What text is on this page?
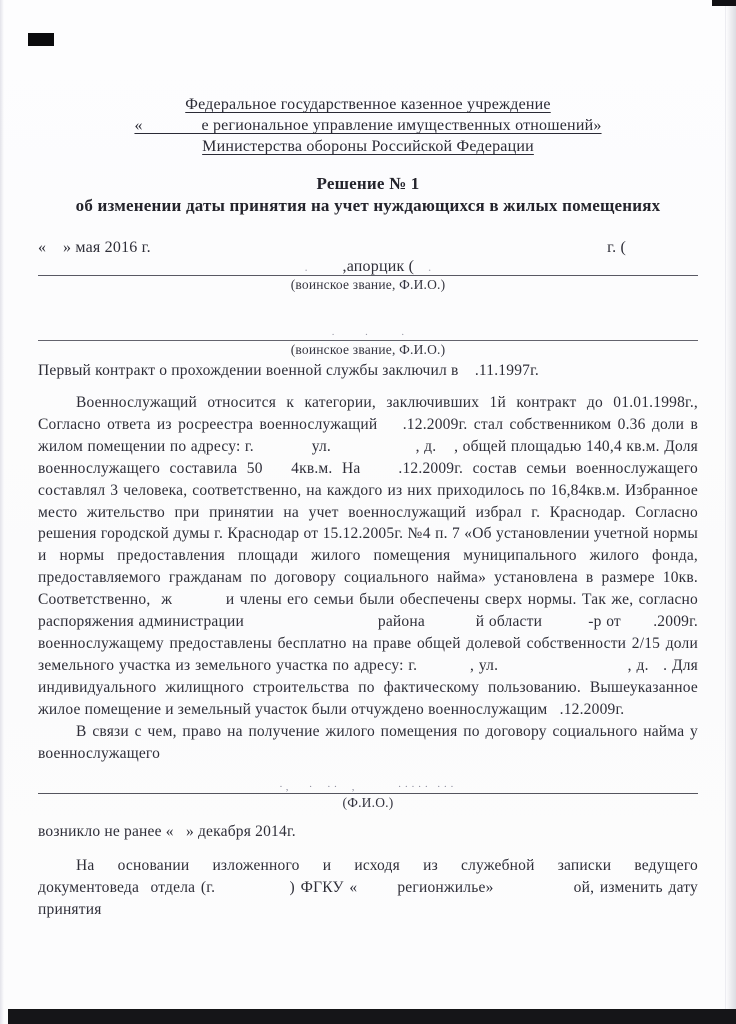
Федеральное государственное казенное учреждение
«              е региональное управление имущественных отношений»
Министерства обороны Российской Федерации
Решение № 1
об изменении даты принятия на учет нуждающихся в жилых помещениях
«    » мая 2016 г.	г. (
.          ,апорцик (    .
(воинское звание, Ф.И.О.)
·          ·           ·
(воинское звание, Ф.И.О.)
Первый контракт о прохождении военной службы заключил в    .11.1997г.
Военнослужащий относится к категории, заключивших 1й контракт до 01.01.1998г., Согласно ответа из росреестра военнослужащий    .12.2009г. стал собственником 0.36 доли в жилом помещении по адресу: г.             ул.                   , д.    , общей площадью 140,4 кв.м. Доля военнослужащего составила 50   4кв.м. На    .12.2009г. состав семьи военнослужащего составлял 3 человека, соответственно, на каждого из них приходилось по 16,84кв.м. Избранное место жительство при принятии на учет военнослужащий избрал г. Краснодар. Согласно решения городской думы г. Краснодар от 15.12.2005г. №4 п. 7 «Об установлении учетной нормы и нормы предоставления площади жилого помещения муниципального жилого фонда, предоставляемого гражданам по договору социального найма» установлена в размере 10кв. Соответственно,  ж          и члены его семьи были обеспечены сверх нормы. Так же, согласно распоряжения администрации                             районa           й области          -р от       .2009г. военнослужащему предоставлены бесплатно на праве общей долевой собственности 2/15 доли земельного участка из земельного участка по адресу: г.           , ул.                           , д.   . Для индивидуального жилищного строительства по фактическому пользованию. Вышеуказанное жилое помещение и земельный участок были отчуждено военнослужащим   .12.2009г.
В связи с чем, право на получение жилого помещения по договору социального найма у военнослужащего
·,   ·  ··  ,       ····· ···
(Ф.И.О.)
возникло не ранее «   » декабря 2014г.
На основании изложенного и исходя из служебной записки ведущего документоведа  отдела (г.             ) ФГКУ «       регионжилье»              ой, изменить дату принятия
